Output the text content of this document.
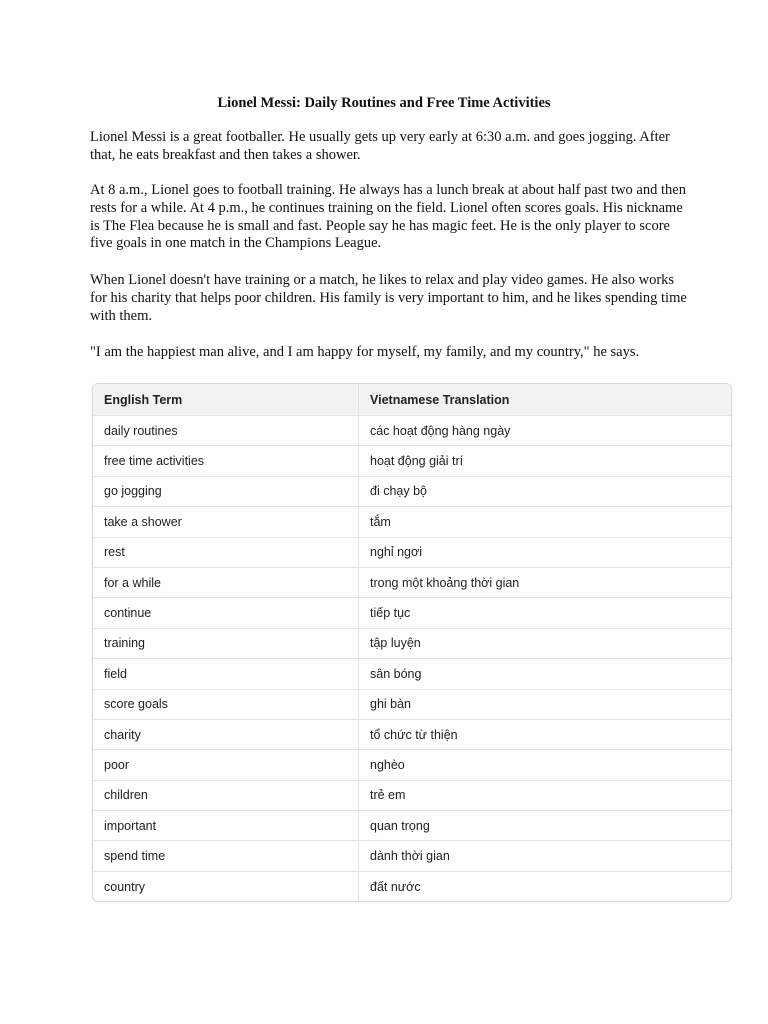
Lionel Messi: Daily Routines and Free Time Activities

Lionel Messi is a great footballer. He usually gets up very early at 6:30 a.m. and goes jogging. After that, he eats breakfast and then takes a shower.

At 8 a.m., Lionel goes to football training. He always has a lunch break at about half past two and then rests for a while. At 4 p.m., he continues training on the field. Lionel often scores goals. His nickname is The Flea because he is small and fast. People say he has magic feet. He is the only player to score five goals in one match in the Champions League.

When Lionel doesn't have training or a match, he likes to relax and play video games. He also works for his charity that helps poor children. His family is very important to him, and he likes spending time with them.

"I am the happiest man alive, and I am happy for myself, my family, and my country," he says.

English Term	Vietnamese Translation
daily routines	các hoạt động hàng ngày
free time activities	hoạt động giải trí
go jogging	đi chạy bộ
take a shower	tắm
rest	nghỉ ngơi
for a while	trong một khoảng thời gian
continue	tiếp tục
training	tập luyện
field	sân bóng
score goals	ghi bàn
charity	tổ chức từ thiện
poor	nghèo
children	trẻ em
important	quan trọng
spend time	dành thời gian
country	đất nước
